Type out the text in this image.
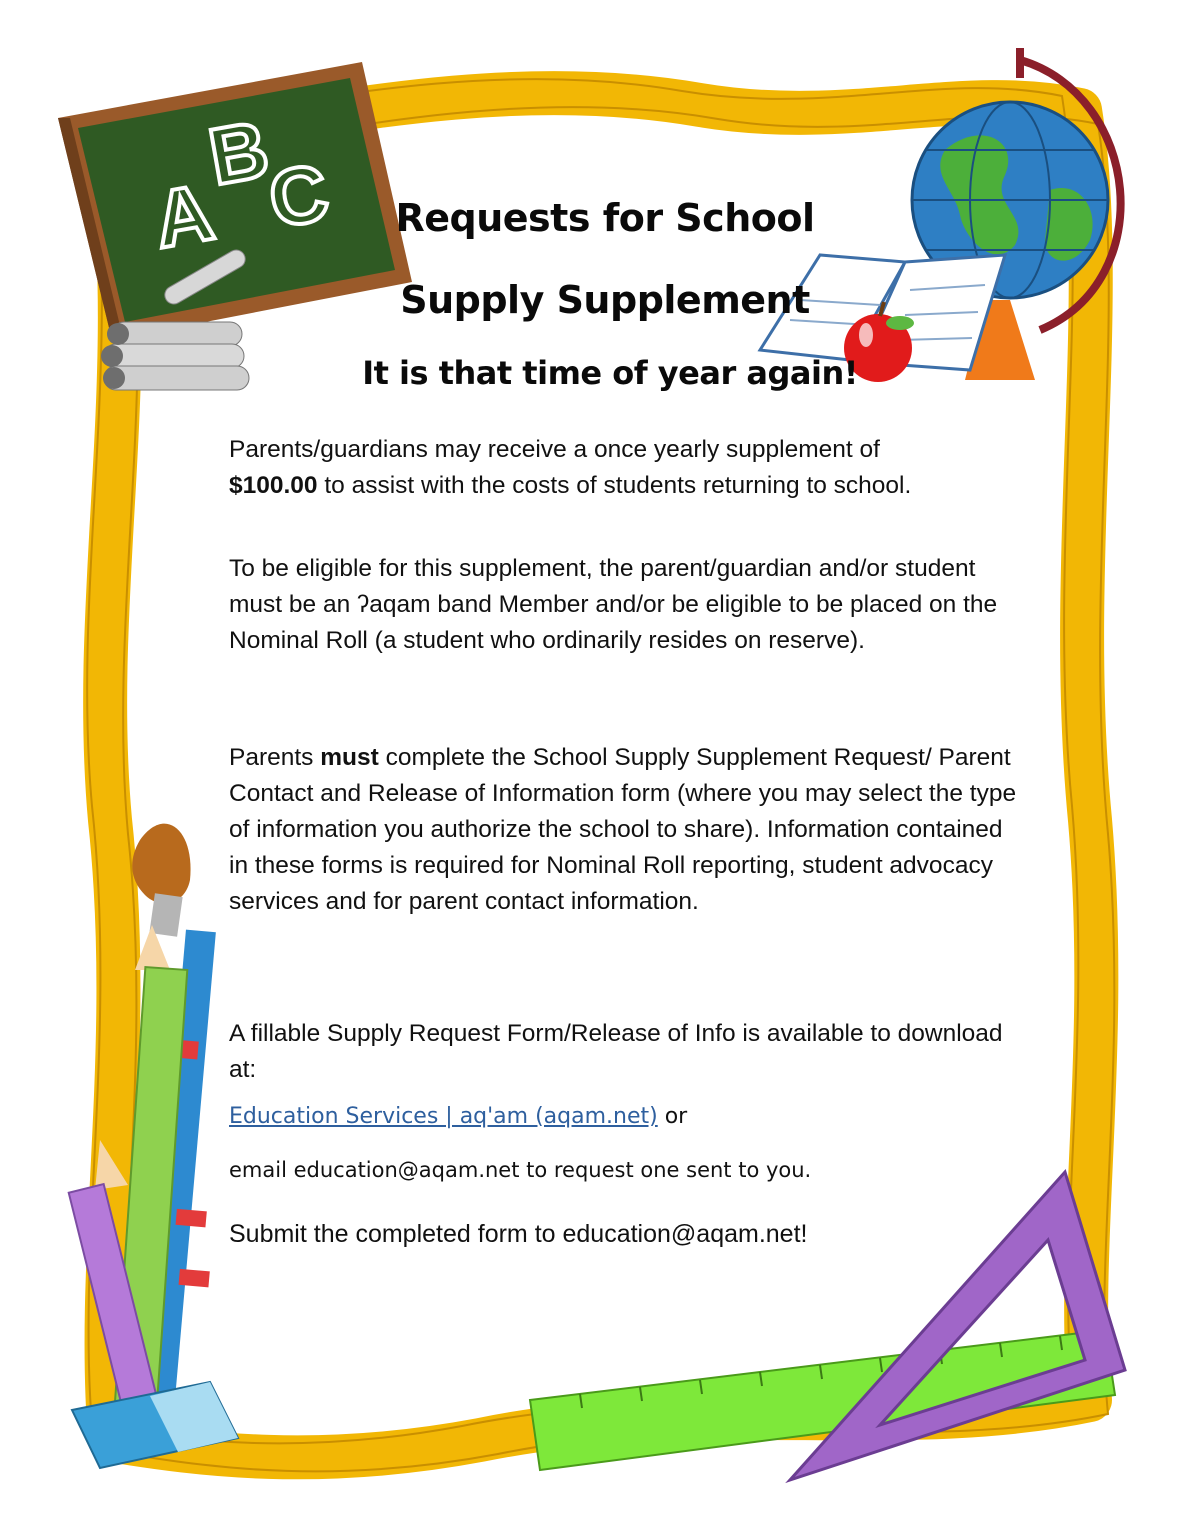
A
B
C	Requests for School
Supply Supplement
It is that time of year again!

Parents/guardians may receive a once yearly supplement of
$100.00 to assist with the costs of students returning to school.

To be eligible for this supplement, the parent/guardian and/or student must be an ʔaqam band Member and/or be eligible to be placed on the Nominal Roll (a student who ordinarily resides on reserve).

Parents must complete the School Supply Supplement Request/ Parent Contact and Release of Information form (where you may select the type of information you authorize the school to share). Information contained in these forms is required for Nominal Roll reporting, student advocacy services and for parent contact information.

A fillable Supply Request Form/Release of Info is available to download at:

Education Services | aq'am (aqam.net) or

email education@aqam.net to request one sent to you.

Submit the completed form to education@aqam.net!
